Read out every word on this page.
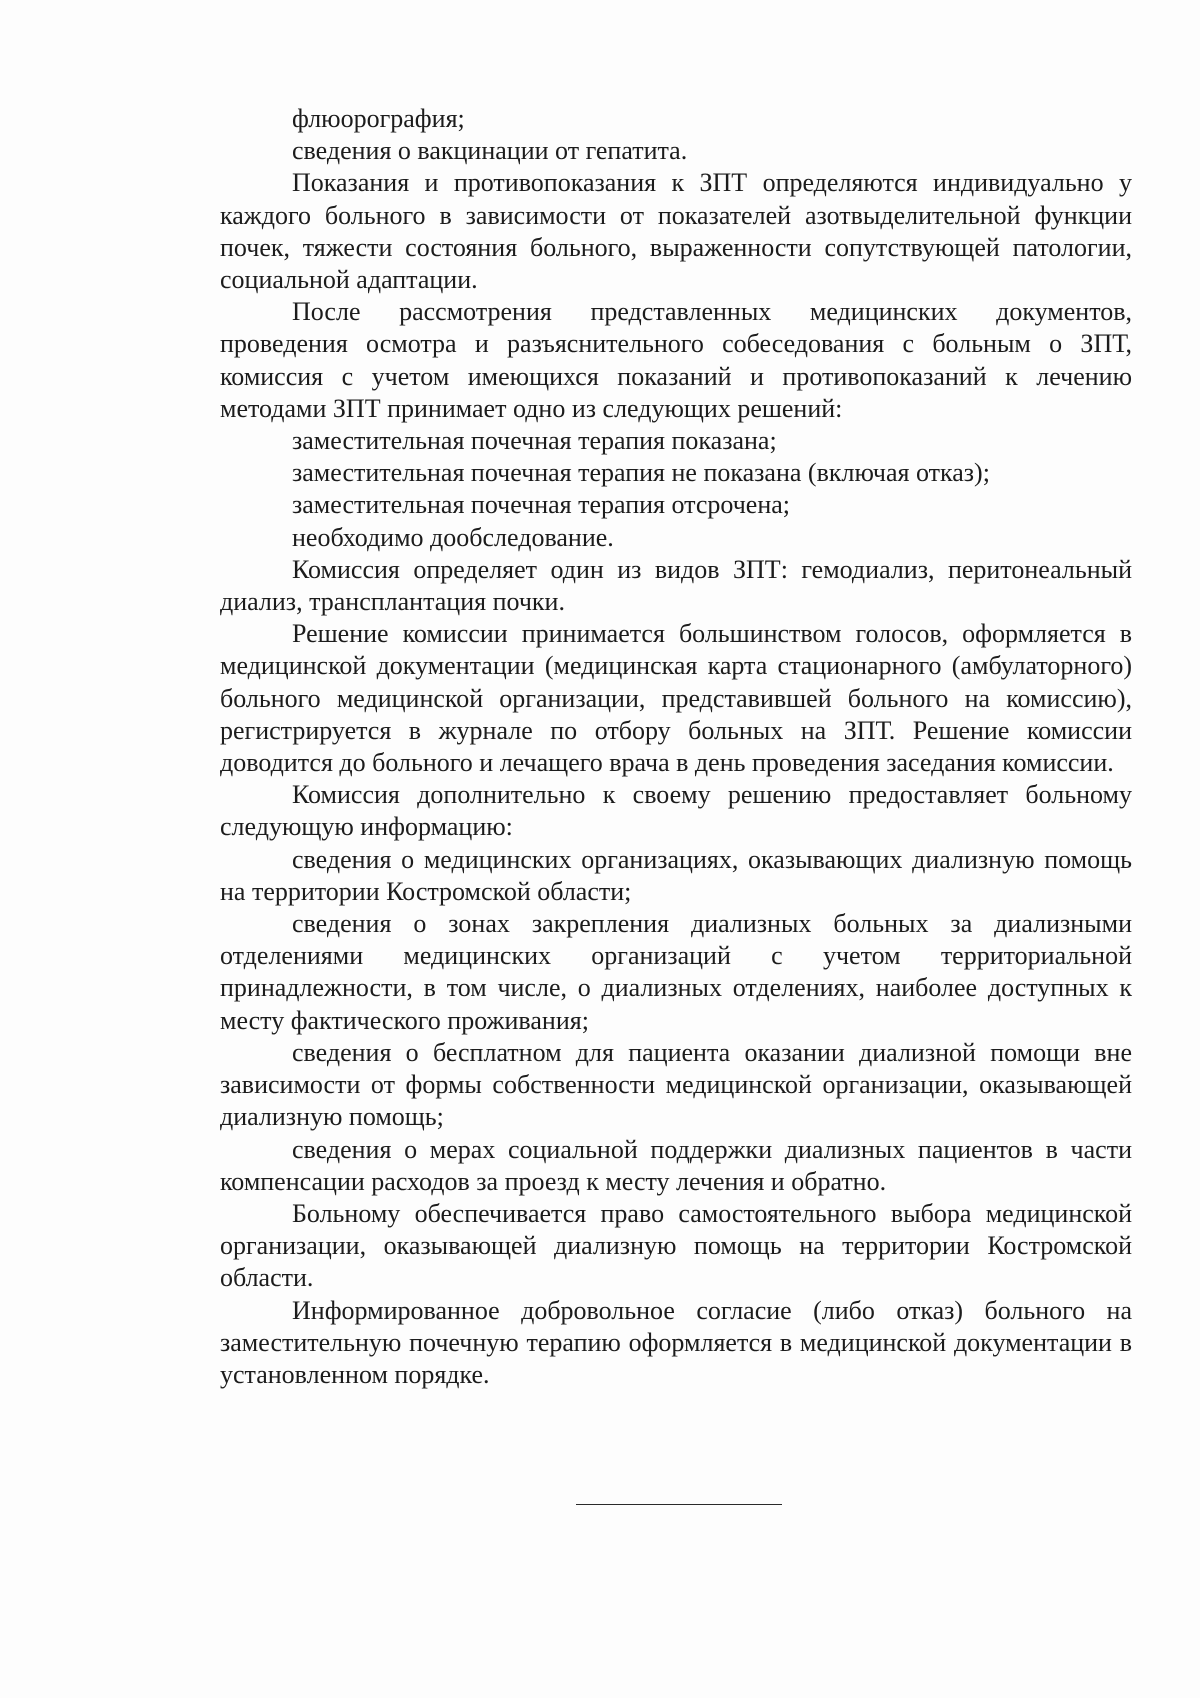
флюорография;

сведения о вакцинации от гепатита.

Показания и противопоказания к ЗПТ определяются индивидуально у каждого больного в зависимости от показателей азотвыделительной функции почек, тяжести состояния больного, выраженности сопутствующей патологии, социальной адаптации.

После рассмотрения представленных медицинских документов, проведения осмотра и разъяснительного собеседования с больным о ЗПТ, комиссия с учетом имеющихся показаний и противопоказаний к лечению методами ЗПТ принимает одно из следующих решений:

заместительная почечная терапия показана;

заместительная почечная терапия не показана (включая отказ);

заместительная почечная терапия отсрочена;

необходимо дообследование.

Комиссия определяет один из видов ЗПТ: гемодиализ, перитонеальный диализ, трансплантация почки.

Решение комиссии принимается большинством голосов, оформляется в медицинской документации (медицинская карта стационарного (амбулаторного) больного медицинской организации, представившей больного на комиссию), регистрируется в журнале по отбору больных на ЗПТ. Решение комиссии доводится до больного и лечащего врача в день проведения заседания комиссии.

Комиссия дополнительно к своему решению предоставляет больному следующую информацию:

сведения о медицинских организациях, оказывающих диализную помощь на территории Костромской области;

сведения о зонах закрепления диализных больных за диализными отделениями медицинских организаций с учетом территориальной принадлежности, в том числе, о диализных отделениях, наиболее доступных к месту фактического проживания;

сведения о бесплатном для пациента оказании диализной помощи вне зависимости от формы собственности медицинской организации, оказывающей диализную помощь;

сведения о мерах социальной поддержки диализных пациентов в части компенсации расходов за проезд к месту лечения и обратно.

Больному обеспечивается право самостоятельного выбора медицинской организации, оказывающей диализную помощь на территории Костромской области.

Информированное добровольное согласие (либо отказ) больного на заместительную почечную терапию оформляется в медицинской документации в установленном порядке.
